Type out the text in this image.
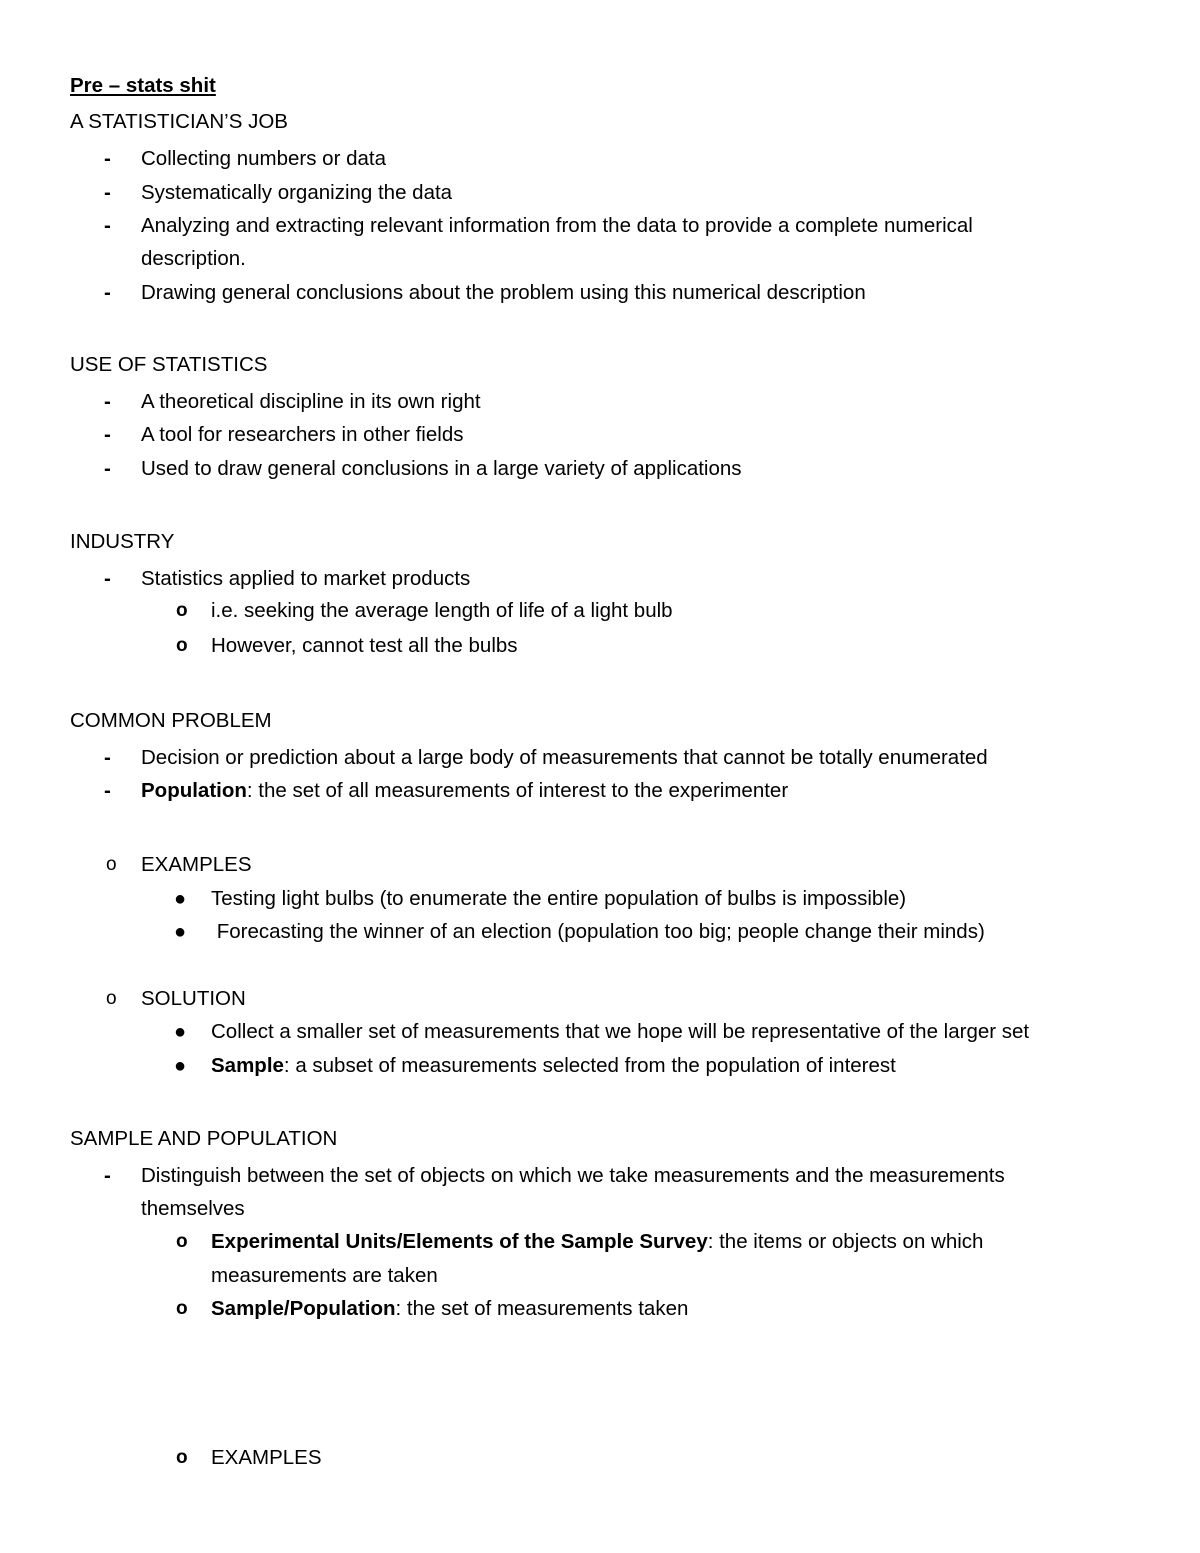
Pre – stats shit
A STATISTICIAN’S JOB
- Collecting numbers or data
- Systematically organizing the data
- Analyzing and extracting relevant information from the data to provide a complete numerical
description.
- Drawing general conclusions about the problem using this numerical description
USE OF STATISTICS
- A theoretical discipline in its own right
- A tool for researchers in other fields
- Used to draw general conclusions in a large variety of applications
INDUSTRY
- Statistics applied to market products
o i.e. seeking the average length of life of a light bulb
o However, cannot test all the bulbs
COMMON PROBLEM
- Decision or prediction about a large body of measurements that cannot be totally enumerated
- Population: the set of all measurements of interest to the experimenter
o EXAMPLES
● Testing light bulbs (to enumerate the entire population of bulbs is impossible)
● Forecasting the winner of an election (population too big; people change their minds)
o SOLUTION
● Collect a smaller set of measurements that we hope will be representative of the larger set
● Sample: a subset of measurements selected from the population of interest
SAMPLE AND POPULATION
- Distinguish between the set of objects on which we take measurements and the measurements
themselves
o Experimental Units/Elements of the Sample Survey: the items or objects on which
measurements are taken
o Sample/Population: the set of measurements taken
o EXAMPLES
